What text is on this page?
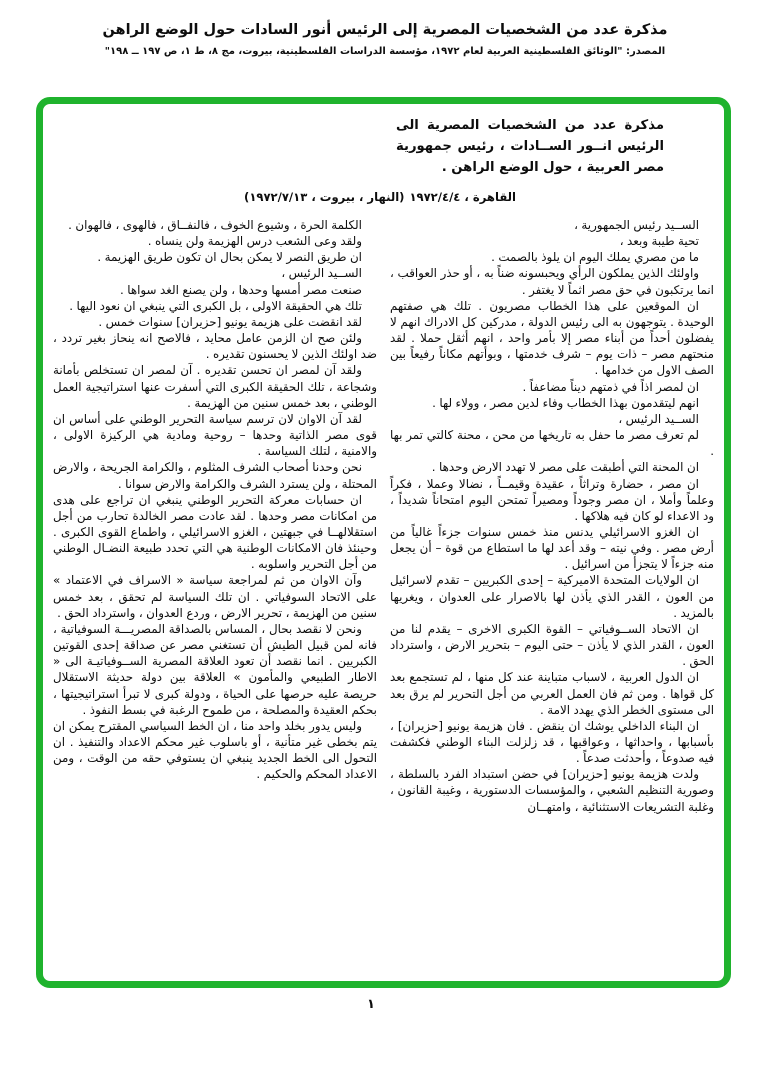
مذكرة عدد من الشخصيات المصرية إلى الرئيس أنور السادات حول الوضع الراهن
المصدر: "الوثائق الفلسطينية العربية لعام ١٩٧٢، مؤسسة الدراسات الفلسطينية، بيروت، مج ٨، ط ١، ص ١٩٧ ــ ١٩٨"
مذكرة عدد من الشخصيات المصرية الى الرئيس انــور الســادات ، رئيس جمهورية مصر العربية ، حول الوضع الراهن .
القاهرة ، ١٩٧٢/٤/٤
(النهار ، بيروت ، ١٩٧٢/٧/١٣)

الســيد رئيس الجمهورية ،

تحية طيبة وبعد ،

ما من مصري يملك اليوم ان يلوذ بالصمت .

واولئك الذين يملكون الرأي ويحبسونه ضناً به ، أو حذر العواقب ، انما يرتكبون في حق مصر اثماً لا يغتفر .

ان الموقعين على هذا الخطاب مصريون . تلك هي صفتهم الوحيدة . يتوجهون به الى رئيس الدولة ، مدركين كل الادراك انهم لا يفضلون أحداً من أبناء مصر إلا بأمر واحد ، انهم أثقل حملا . لقد منحتهم مصر – ذات يوم – شرف خدمتها ، وبوأتهم مكاناً رفيعاً بين الصف الاول من خدامها .

ان لمصر اذاً في ذمتهم ديناً مضاعفاً .

انهم ليتقدمون بهذا الخطاب وفاء لدين مصر ، وولاء لها .

الســيد الرئيس ،

لم تعرف مصر ما حفل به تاريخها من محن ، محنة كالتي تمر بها .

ان المحنة التي أطبقت على مصر لا تهدد الارض وحدها .

ان مصر ، حضارة وتراثاً ، عقيدة وقيمــاً ، نضالا وعملا ، فكراً وعلماً وأملا ، ان مصر وجوداً ومصيراً تمتحن اليوم امتحاناً شديداً ، ود الاعداء لو كان فيه هلاكها .

ان الغزو الاسرائيلي يدنس منذ خمس سنوات جزءاً غالياً من أرض مصر . وفي نيته – وقد أعد لها ما استطاع من قوة – أن يجعل منه جزءاً لا يتجزأ من اسرائيل .

ان الولايات المتحدة الاميركية – إحدى الكبريين – تقدم لاسرائيل من العون ، القدر الذي يأذن لها بالاصرار على العدوان ، ويغريها بالمزيد .

ان الاتحاد الســوفياتي – القوة الكبرى الاخرى – يقدم لنا من العون ، القدر الذي لا يأذن – حتى اليوم – بتحرير الارض ، واسترداد الحق .

ان الدول العربية ، لاسباب متباينة عند كل منها ، لم تستجمع بعد كل قواها . ومن ثم فان العمل العربي من أجل التحرير لم يرق بعد الى مستوى الخطر الذي يهدد الامة .

ان البناء الداخلي يوشك ان ينقض . فان هزيمة يونيو [حزيران] ، بأسبابها ، واحداثها ، وعواقبها ، قد زلزلت البناء الوطني فكشفت فيه صدوعاً ، وأحدثت صدعاً .

ولدت هزيمة يونيو [حزيران] في حضن استبداد الفرد بالسلطة ، وصورية التنظيم الشعبي ، والمؤسسات الدستورية ، وغيبة القانون ، وغلبة التشريعات الاستثنائية ، وامتهــان

الكلمة الحرة ، وشيوع الخوف ، فالنفــاق ، فالهوى ، فالهوان .

ولقد وعى الشعب درس الهزيمة ولن ينساه .

ان طريق النصر لا يمكن بحال ان تكون طريق الهزيمة .

الســيد الرئيس ،

صنعت مصر أمسها وحدها ، ولن يصنع الغد سواها .

تلك هي الحقيقة الاولى ، بل الكبرى التي ينبغي ان نعود اليها .

لقد انقضت على هزيمة يونيو [حزيران] سنوات خمس .

ولئن صح ان الزمن عامل محايد ، فالاصح انه ينحاز بغير تردد ، ضد اولئك الذين لا يحسنون تقديره .

ولقد آن لمصر ان تحسن تقديره . آن لمصر ان تستخلص بأمانة وشجاعة ، تلك الحقيقة الكبرى التي أسفرت عنها استراتيجية العمل الوطني ، بعد خمس سنين من الهزيمة .

لقد آن الاوان لان ترسم سياسة التحرير الوطني على أساس ان قوى مصر الذاتية وحدها – روحية ومادية هي الركيزة الاولى ، والامنية ، لتلك السياسة .

نحن وحدنا أصحاب الشرف المثلوم ، والكرامة الجريحة ، والارض المحتلة ، ولن يسترد الشرف والكرامة والارض سوانا .

ان حسابات معركة التحرير الوطني ينبغي ان تراجع على هدى من امكانات مصر وحدها . لقد عادت مصر الخالدة تحارب من أجل استقلالهــا في جبهتين ، الغزو الاسرائيلي ، واطماع القوى الكبرى . وحينئذ فان الامكانات الوطنية هي التي تحدد طبيعة النضـال الوطني من أجل التحرير واسلوبه .

وآن الاوان من ثم لمراجعة سياسة « الاسراف في الاعتماد » على الاتحاد السوفياتي . ان تلك السياسة لم تحقق ، بعد خمس سنين من الهزيمة ، تحرير الارض ، وردع العدوان ، واسترداد الحق .

ونحن لا نقصد بحال ، المساس بالصداقة المصريـــة السوفياتية ، فانه لمن قبيل الطيش أن تستغني مصر عن صداقة إحدى القوتين الكبريين . انما نقصد أن تعود العلاقة المصرية الســوفياتيـة الى « الاطار الطبيعي والمأمون » العلاقة بين دولة حديثة الاستقلال حريصة عليه حرصها على الحياة ، ودولة كبرى لا تبرأ استراتيجيتها ، بحكم العقيدة والمصلحة ، من طموح الرغبة في بسط النفوذ .

وليس يدور بخلد واحد منا ، ان الخط السياسي المقترح يمكن ان يتم بخطى غير متأنية ، أو باسلوب غير محكم الاعداد والتنفيذ . ان التحول الى الخط الجديد ينبغي ان يستوفي حقه من الوقت ، ومن الاعداد المحكم والحكيم .

١
